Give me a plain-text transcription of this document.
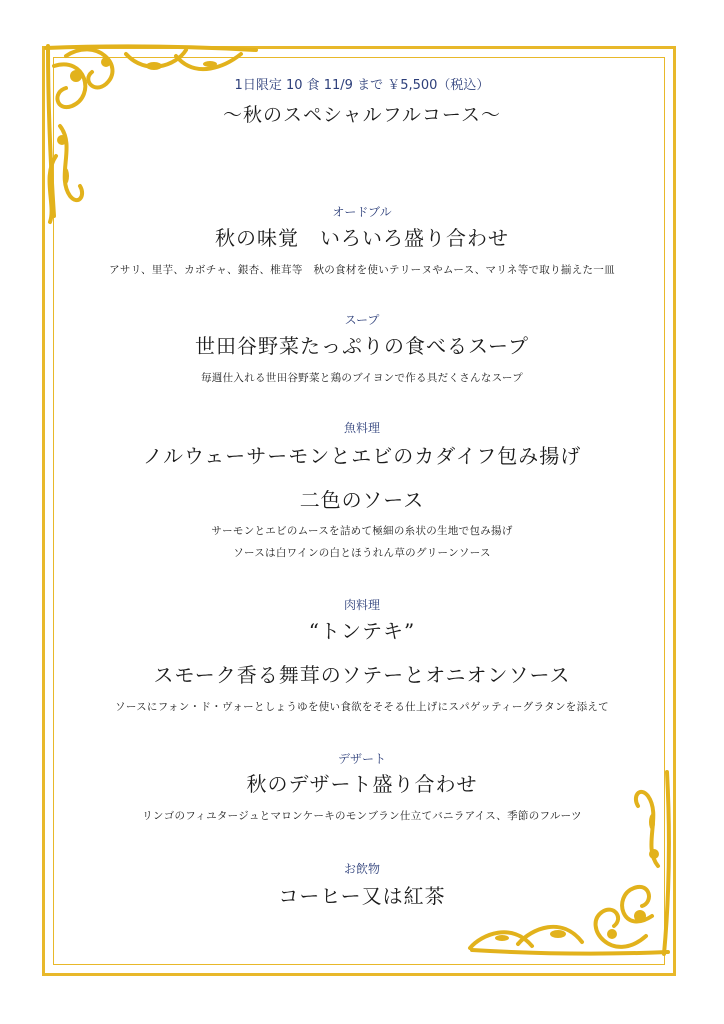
1日限定 10 食 11/9 まで ￥5,500（税込）
～秋のスペシャルフルコース～
オードブル
秋の味覚　いろいろ盛り合わせ
アサリ、里芋、カボチャ、銀杏、椎茸等　秋の食材を使いテリーヌやムース、マリネ等で取り揃えた一皿
スープ
世田谷野菜たっぷりの食べるスープ
毎週仕入れる世田谷野菜と鶏のブイヨンで作る具だくさんなスープ
魚料理
ノルウェーサーモンとエビのカダイフ包み揚げ
二色のソース
サーモンとエビのムースを詰めて極細の糸状の生地で包み揚げ
ソースは白ワインの白とほうれん草のグリーンソース
肉料理
“トンテキ”
スモーク香る舞茸のソテーとオニオンソース
ソースにフォン・ド・ヴォーとしょうゆを使い食欲をそそる仕上げにスパゲッティーグラタンを添えて
デザート
秋のデザート盛り合わせ
リンゴのフィユタージュとマロンケーキのモンブラン仕立てバニラアイス、季節のフルーツ
お飲物
コーヒー又は紅茶
